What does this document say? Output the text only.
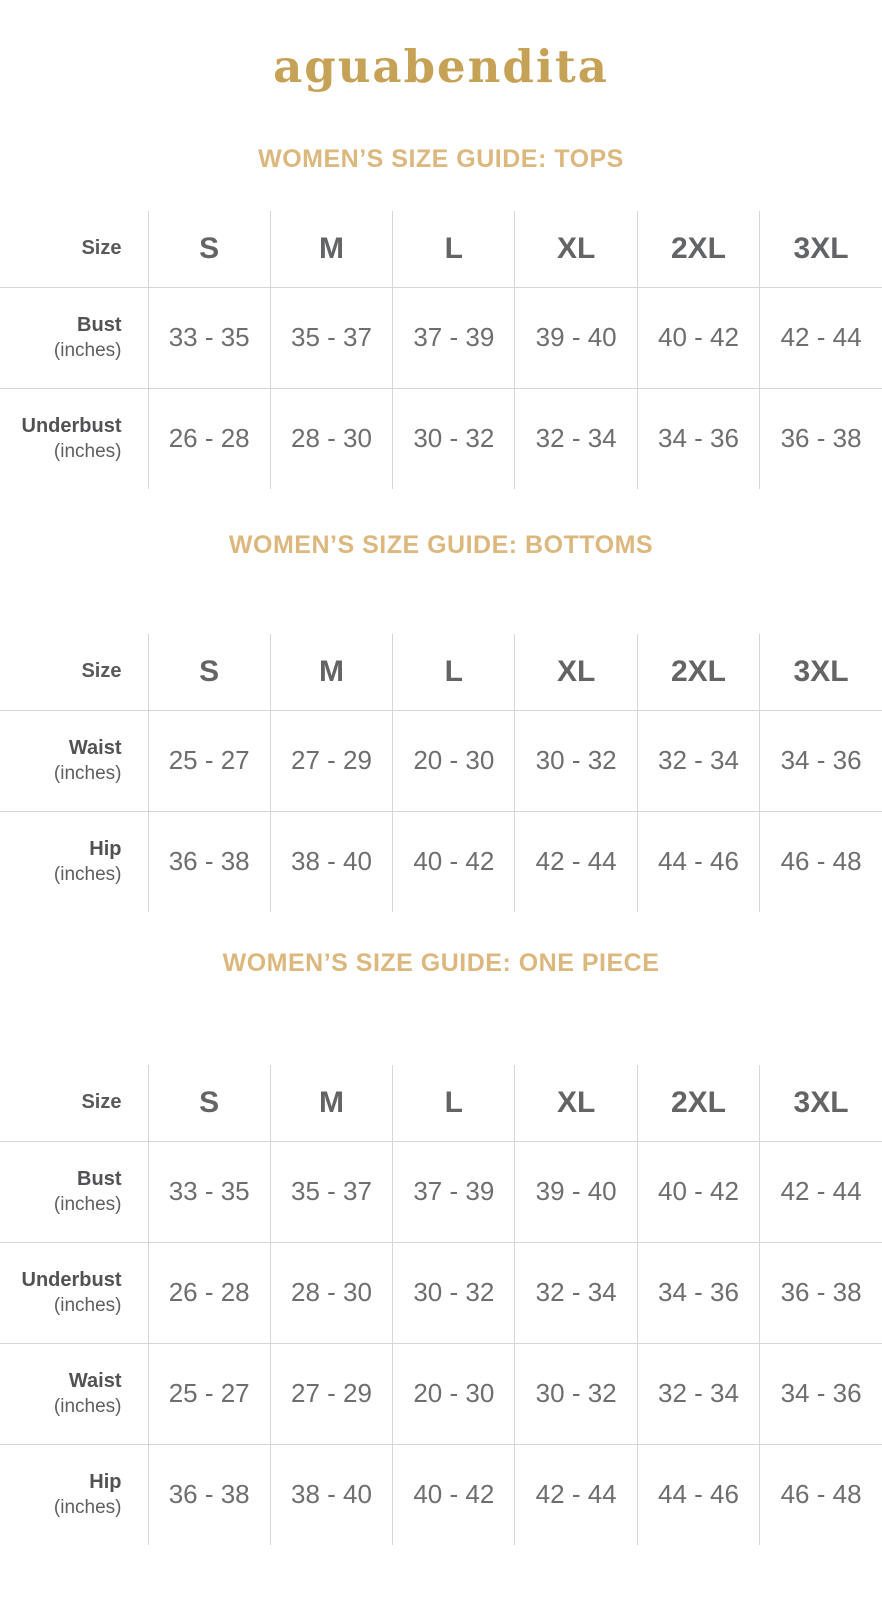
aguabendita
WOMEN’S SIZE GUIDE: TOPS
Size	S	M	L	XL	2XL	3XL

Bust
(inches)	33 - 35	35 - 37	37 - 39	39 - 40	40 - 42	42 - 44

Underbust
(inches)	26 - 28	28 - 30	30 - 32	32 - 34	34 - 36	36 - 38
WOMEN’S SIZE GUIDE: BOTTOMS
Size	S	M	L	XL	2XL	3XL

Waist
(inches)	25 - 27	27 - 29	20 - 30	30 - 32	32 - 34	34 - 36

Hip
(inches)	36 - 38	38 - 40	40 - 42	42 - 44	44 - 46	46 - 48
WOMEN’S SIZE GUIDE: ONE PIECE
Size	S	M	L	XL	2XL	3XL

Bust
(inches)	33 - 35	35 - 37	37 - 39	39 - 40	40 - 42	42 - 44

Underbust
(inches)	26 - 28	28 - 30	30 - 32	32 - 34	34 - 36	36 - 38

Waist
(inches)	25 - 27	27 - 29	20 - 30	30 - 32	32 - 34	34 - 36

Hip
(inches)	36 - 38	38 - 40	40 - 42	42 - 44	44 - 46	46 - 48
